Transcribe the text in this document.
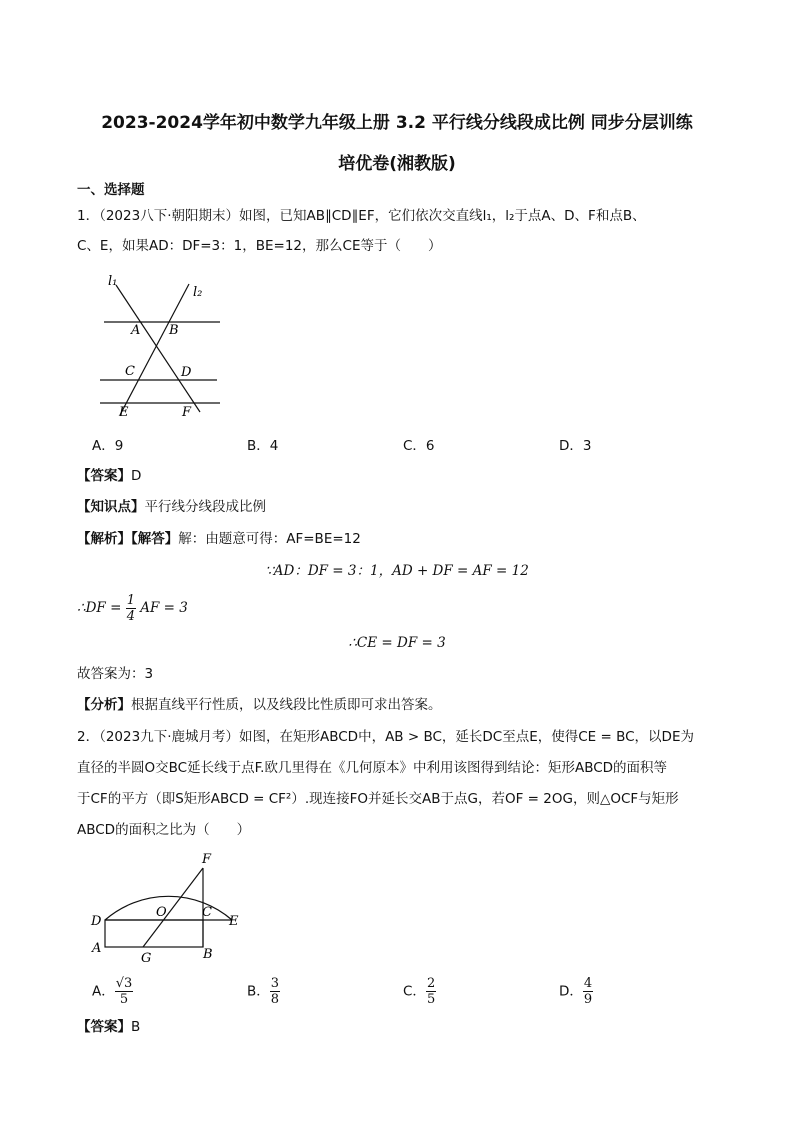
2023-2024学年初中数学九年级上册 3.2 平行线分线段成比例 同步分层训练
培优卷(湘教版)
一、选择题
1．（2023八下·朝阳期末）如图，已知AB∥CD∥EF，它们依次交直线l₁，l₂于点A、D、F和点B、
C、E，如果AD：DF=3：1，BE=12，那么CE等于（　　）
l₁
l₂
A B
C	D
E	F
A．9	B．4	C．6	D．3
【答案】D
【知识点】平行线分线段成比例
【解析】【解答】解：由题意可得：AF=BE=12
∵AD：DF = 3：1，AD + DF = AF = 12
∴DF = $\frac{1}{4}$ AF = 3
∴CE = DF = 3
故答案为：3
【分析】根据直线平行性质，以及线段比性质即可求出答案。
2．（2023九下·鹿城月考）如图，在矩形ABCD中，AB > BC，延长DC至点E，使得CE = BC，以DE为
直径的半圆O交BC延长线于点F.欧几里得在《几何原本》中利用该图得到结论：矩形ABCD的面积等
于CF的平方（即S矩形ABCD = CF²）.现连接FO并延长交AB于点G，若OF = 2OG，则△OCF与矩形
ABCD的面积之比为（　　）
F
D
O	C
E
A
G	B
A． $\frac{√3}{5}$	B． $\frac{3}{8}$	C． $\frac{2}{5}$	D． $\frac{4}{9}$
【答案】B
